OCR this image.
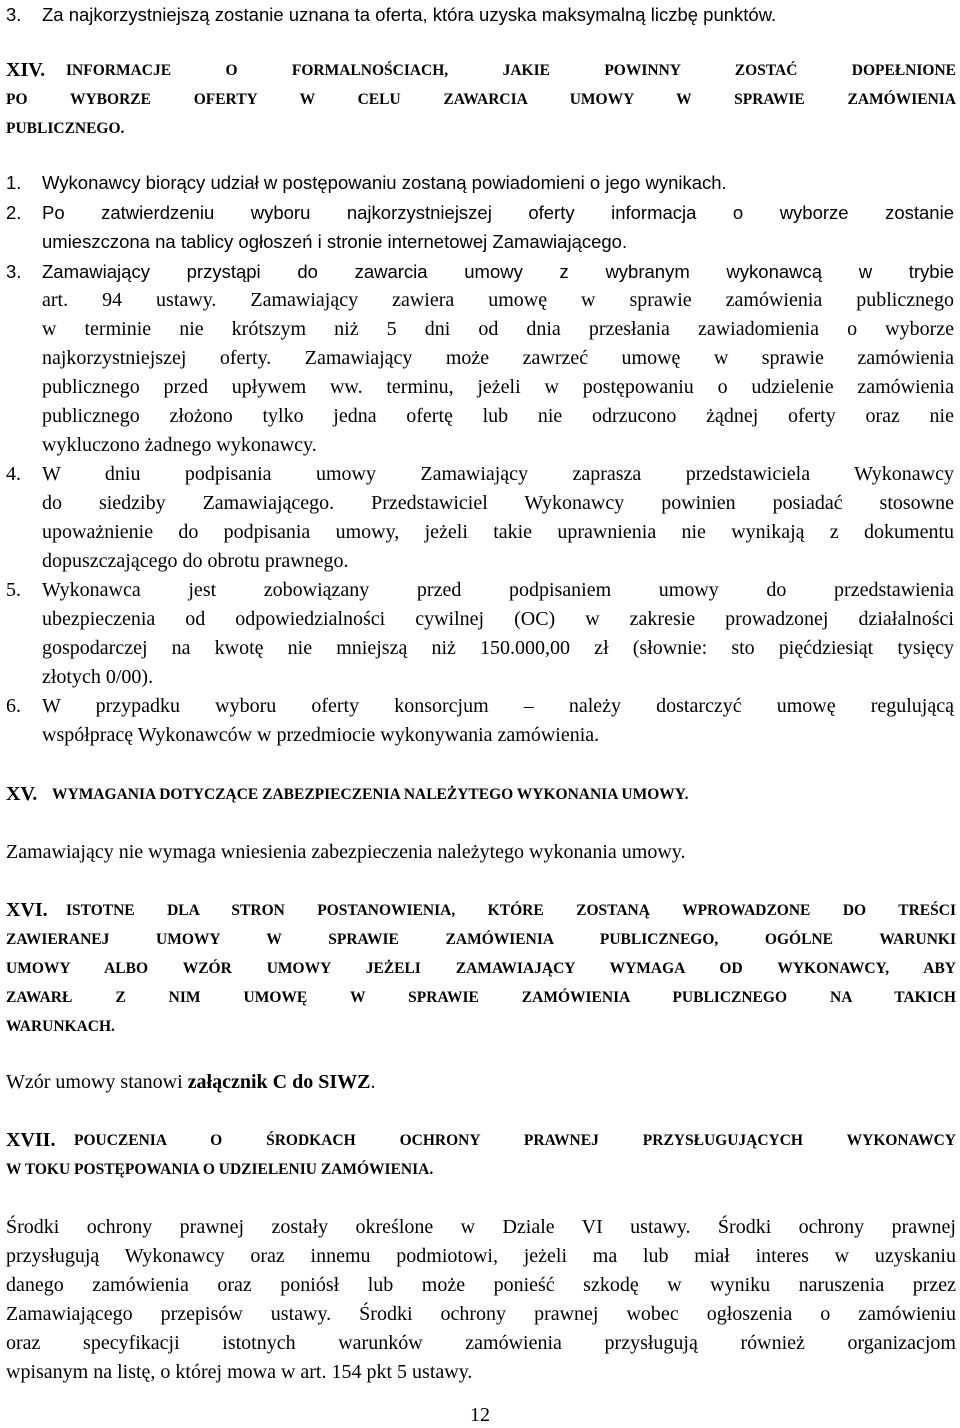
3. Za najkorzystniejszą zostanie uznana ta oferta, która uzyska maksymalną liczbę punktów.
XIV. INFORMACJE O FORMALNOŚCIACH, JAKIE POWINNY ZOSTAĆ DOPEŁNIONE
PO WYBORZE OFERTY W CELU ZAWARCIA UMOWY W SPRAWIE ZAMÓWIENIA
PUBLICZNEGO.
1. Wykonawcy biorący udział w postępowaniu zostaną powiadomieni o jego wynikach.
2. Po zatwierdzeniu wyboru najkorzystniejszej oferty informacja o wyborze zostanie
umieszczona na tablicy ogłoszeń i stronie internetowej Zamawiającego.
3. Zamawiający przystąpi do zawarcia umowy z wybranym wykonawcą w trybie
art. 94 ustawy. Zamawiający zawiera umowę w sprawie zamówienia publicznego
w terminie nie krótszym niż 5 dni od dnia przesłania zawiadomienia o wyborze
najkorzystniejszej oferty. Zamawiający może zawrzeć umowę w sprawie zamówienia
publicznego przed upływem ww. terminu, jeżeli w postępowaniu o udzielenie zamówienia
publicznego złożono tylko jedna ofertę lub nie odrzucono żądnej oferty oraz nie
wykluczono żadnego wykonawcy.
4. W dniu podpisania umowy Zamawiający zaprasza przedstawiciela Wykonawcy
do siedziby Zamawiającego. Przedstawiciel Wykonawcy powinien posiadać stosowne
upoważnienie do podpisania umowy, jeżeli takie uprawnienia nie wynikają z dokumentu
dopuszczającego do obrotu prawnego.
5. Wykonawca jest zobowiązany przed podpisaniem umowy do przedstawienia
ubezpieczenia od odpowiedzialności cywilnej (OC) w zakresie prowadzonej działalności
gospodarczej na kwotę nie mniejszą niż 150.000,00 zł (słownie: sto pięćdziesiąt tysięcy
złotych 0/00).
6. W przypadku wyboru oferty konsorcjum – należy dostarczyć umowę regulującą
współpracę Wykonawców w przedmiocie wykonywania zamówienia.
XV. WYMAGANIA DOTYCZĄCE ZABEZPIECZENIA NALEŻYTEGO WYKONANIA UMOWY.
Zamawiający nie wymaga wniesienia zabezpieczenia należytego wykonania umowy.
XVI. ISTOTNE DLA STRON POSTANOWIENIA, KTÓRE ZOSTANĄ WPROWADZONE DO TREŚCI
ZAWIERANEJ UMOWY W SPRAWIE ZAMÓWIENIA PUBLICZNEGO, OGÓLNE WARUNKI
UMOWY ALBO WZÓR UMOWY JEŻELI ZAMAWIAJĄCY WYMAGA OD WYKONAWCY, ABY
ZAWARŁ Z NIM UMOWĘ W SPRAWIE ZAMÓWIENIA PUBLICZNEGO NA TAKICH
WARUNKACH.
Wzór umowy stanowi załącznik C do SIWZ.
XVII. POUCZENIA O ŚRODKACH OCHRONY PRAWNEJ PRZYSŁUGUJĄCYCH WYKONAWCY
W TOKU POSTĘPOWANIA O UDZIELENIU ZAMÓWIENIA.
Środki ochrony prawnej zostały określone w Dziale VI ustawy. Środki ochrony prawnej
przysługują Wykonawcy oraz innemu podmiotowi, jeżeli ma lub miał interes w uzyskaniu
danego zamówienia oraz poniósł lub może ponieść szkodę w wyniku naruszenia przez
Zamawiającego przepisów ustawy. Środki ochrony prawnej wobec ogłoszenia o zamówieniu
oraz specyfikacji istotnych warunków zamówienia przysługują również organizacjom
wpisanym na listę, o której mowa w art. 154 pkt 5 ustawy.
12
